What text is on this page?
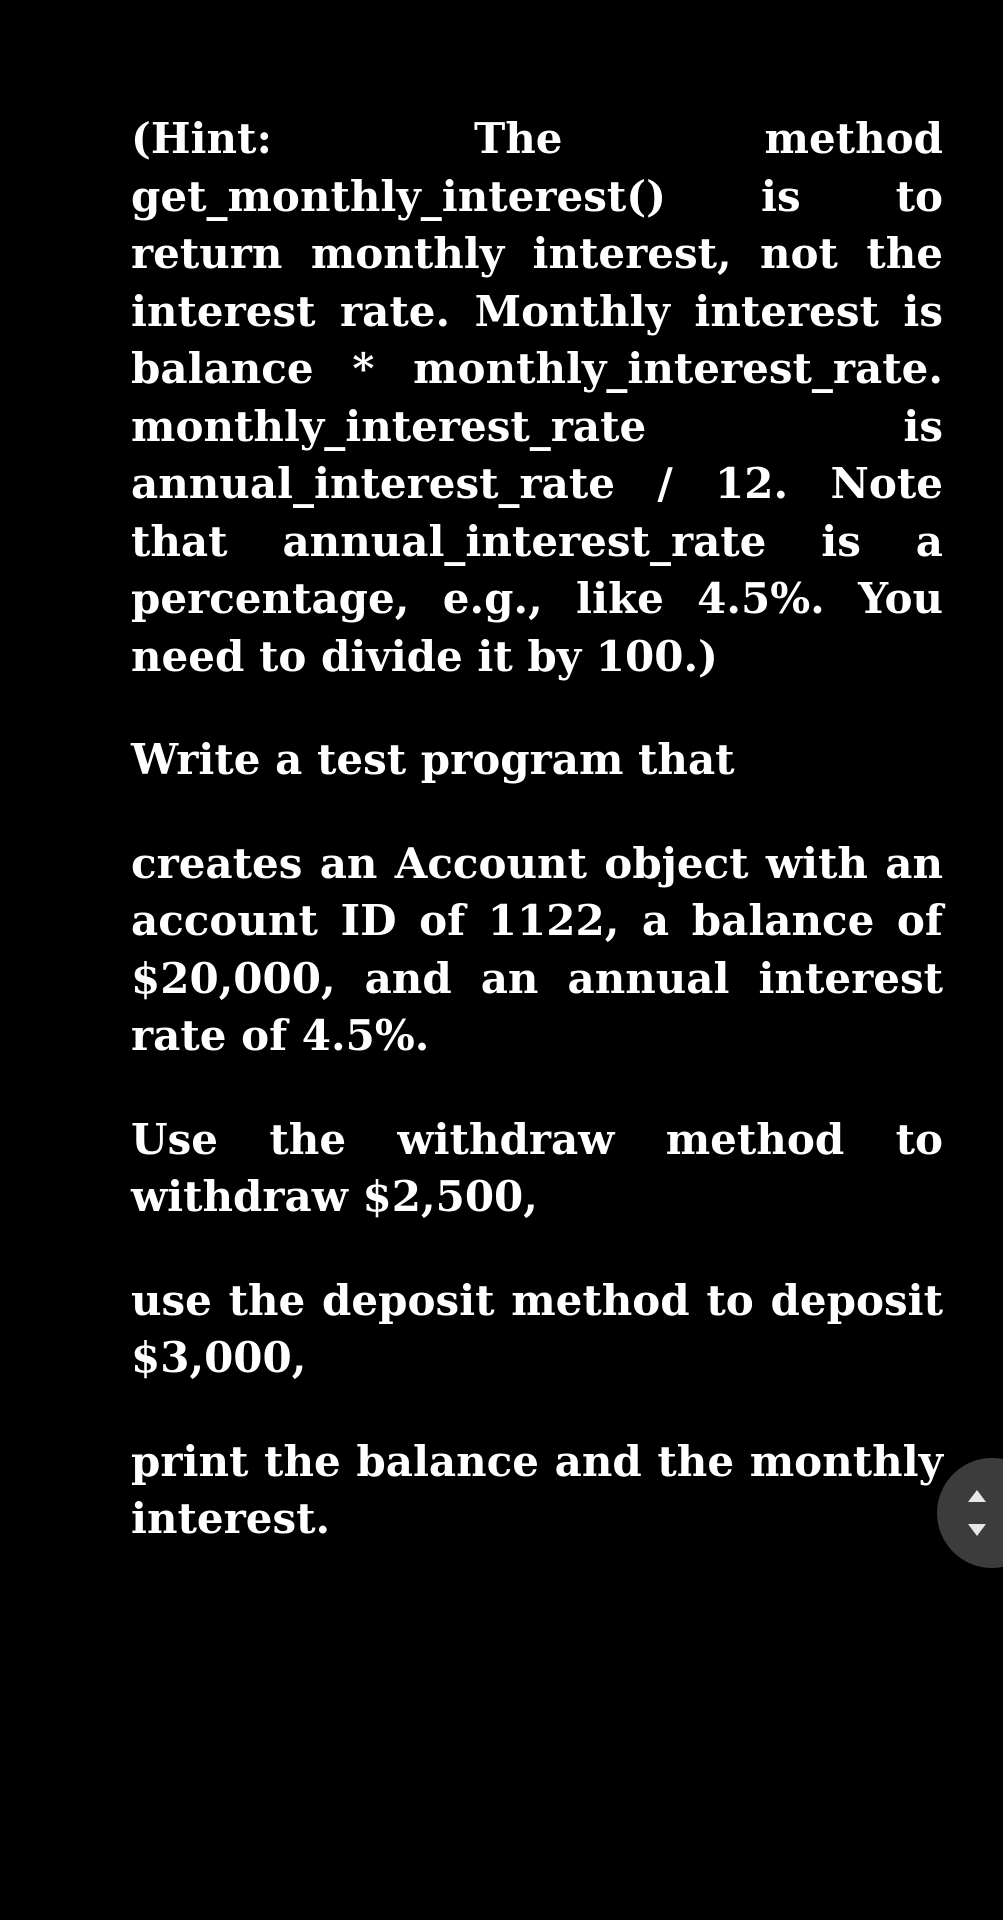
(Hint: The method get_monthly_interest() is to return monthly interest, not the interest rate. Monthly interest is balance * monthly_interest_rate. monthly_interest_rate is annual_interest_rate / 12. Note that annual_interest_rate is a percentage, e.g., like 4.5%. You need to divide it by 100.)

Write a test program that

creates an Account object with an account ID of 1122, a balance of $20,000, and an annual interest rate of 4.5%.

Use the withdraw method to withdraw $2,500,

use the deposit method to deposit $3,000,

print the balance and the monthly interest.
